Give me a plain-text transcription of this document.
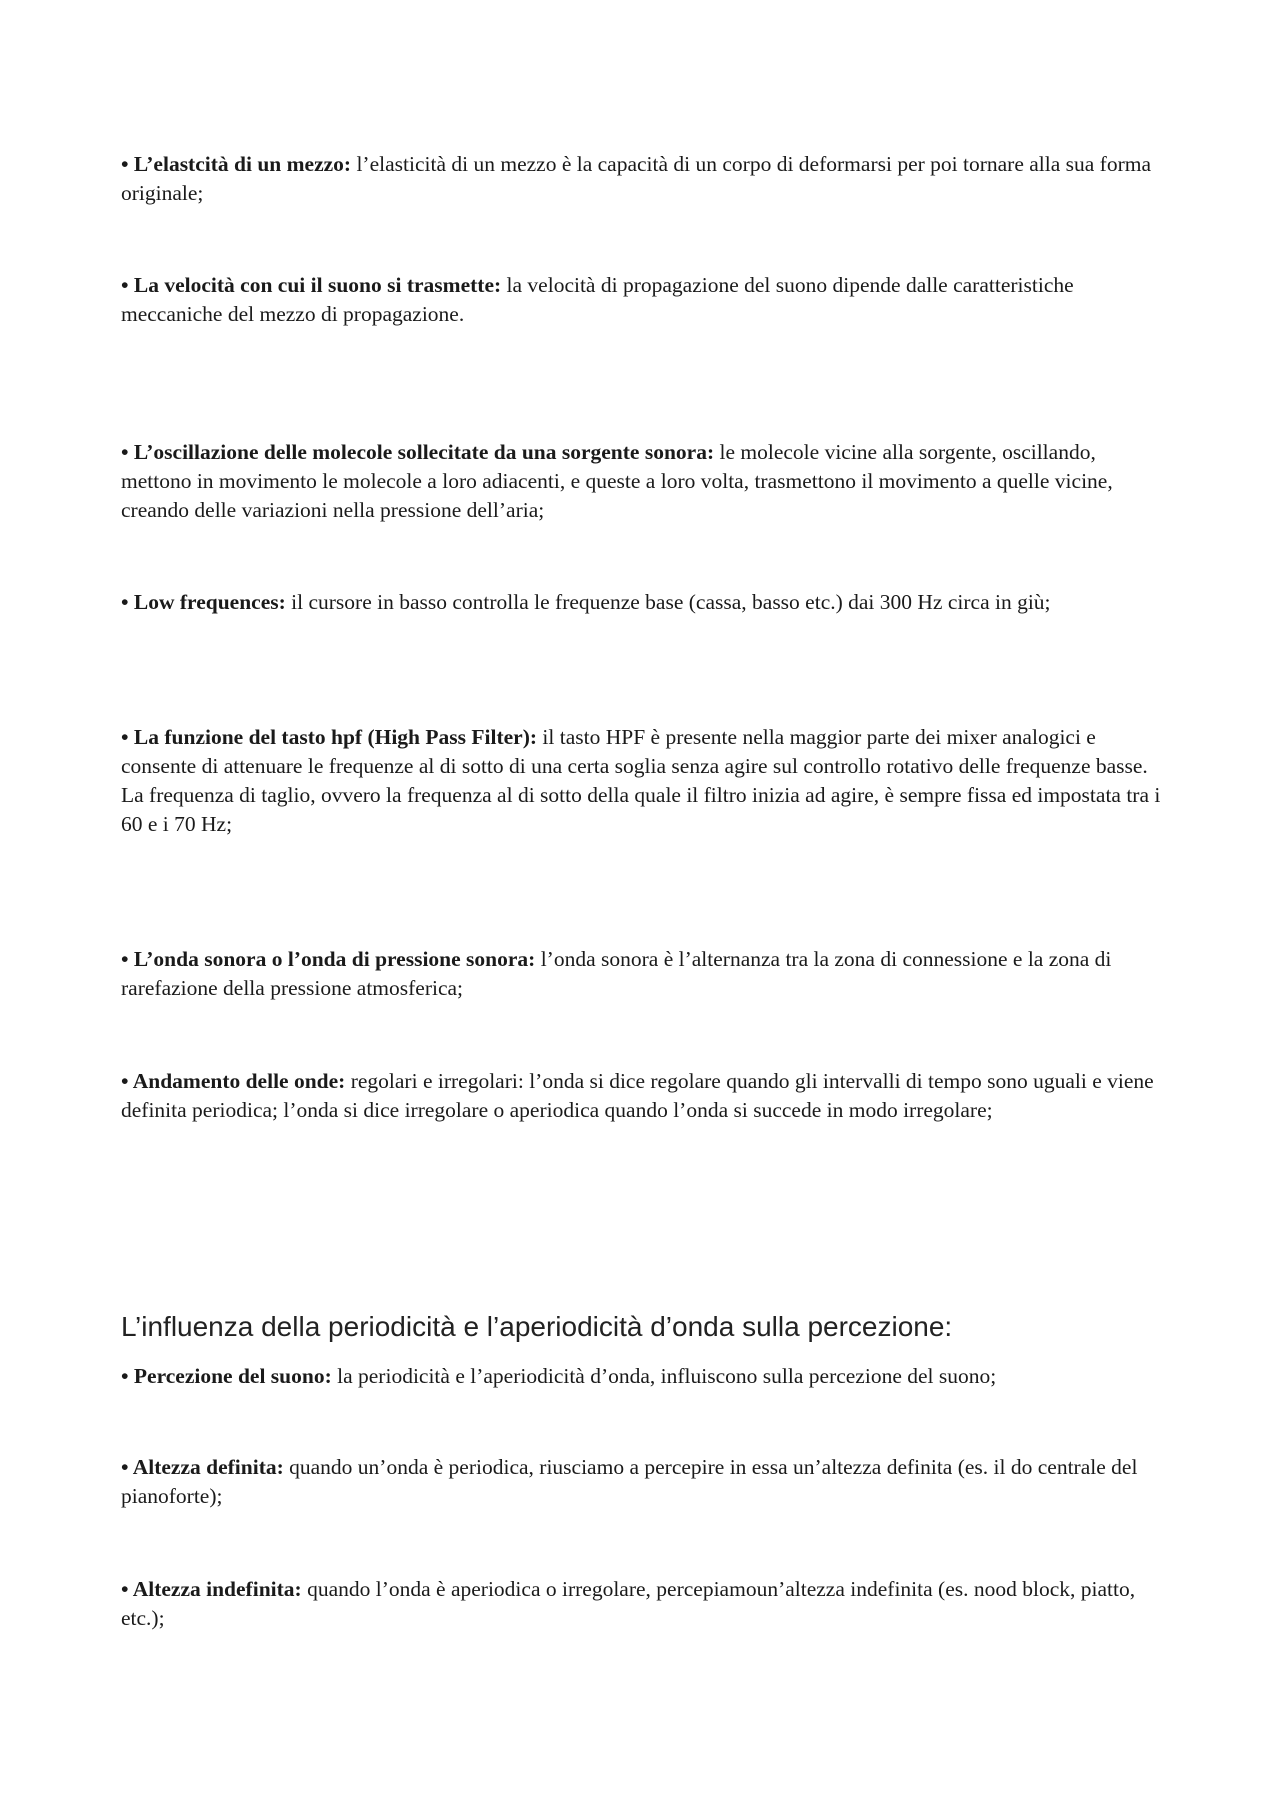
• L’elastcità di un mezzo: l’elasticità di un mezzo è la capacità di un corpo di deformarsi per poi tornare alla sua forma originale;

• La velocità con cui il suono si trasmette: la velocità di propagazione del suono dipende dalle caratteristiche meccaniche del mezzo di propagazione.

• L’oscillazione delle molecole sollecitate da una sorgente sonora: le molecole vicine alla sorgente, oscillando, mettono in movimento le molecole a loro adiacenti, e queste a loro volta, trasmettono il movimento a quelle vicine, creando delle variazioni nella pressione dell’aria;

• Low frequences: il cursore in basso controlla le frequenze base (cassa, basso etc.) dai 300 Hz circa in giù;

• La funzione del tasto hpf (High Pass Filter): il tasto HPF è presente nella maggior parte dei mixer analogici e consente di attenuare le frequenze al di sotto di una certa soglia senza agire sul controllo rotativo delle frequenze basse. La frequenza di taglio, ovvero la frequenza al di sotto della quale il filtro inizia ad agire, è sempre fissa ed impostata tra i 60 e i 70 Hz;

• L’onda sonora o l’onda di pressione sonora: l’onda sonora è l’alternanza tra la zona di connessione e la zona di rarefazione della pressione atmosferica;

• Andamento delle onde: regolari e irregolari: l’onda si dice regolare quando gli intervalli di tempo sono uguali e viene definita periodica; l’onda si dice irregolare o aperiodica quando l’onda si succede in modo irregolare;

L’influenza della periodicità e l’aperiodicità d’onda sulla percezione:

• Percezione del suono: la periodicità e l’aperiodicità d’onda, influiscono sulla percezione del suono;

• Altezza definita: quando un’onda è periodica, riusciamo a percepire in essa un’altezza definita (es. il do centrale del pianoforte);

• Altezza indefinita: quando l’onda è aperiodica o irregolare, percepiamoun’altezza indefinita (es. nood block, piatto, etc.);
